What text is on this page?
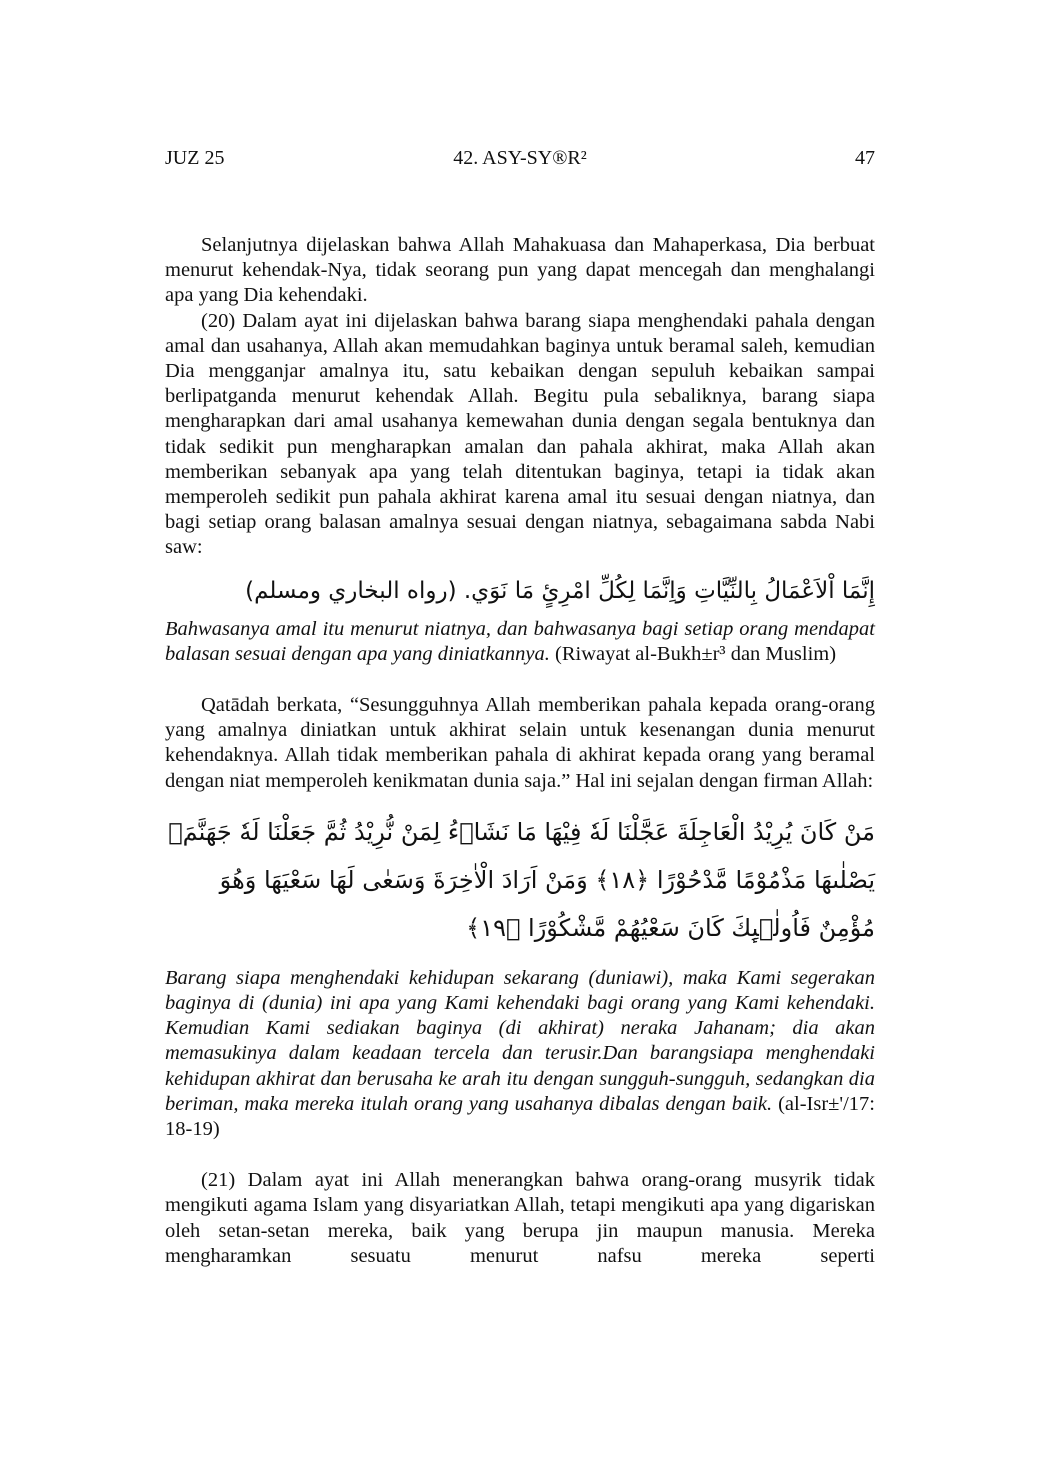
JUZ 25	42. ASY-SY®R²	47

Selanjutnya dijelaskan bahwa Allah Mahakuasa dan Mahaperkasa, Dia berbuat menurut kehendak-Nya, tidak seorang pun yang dapat mencegah dan menghalangi apa yang Dia kehendaki.

(20) Dalam ayat ini dijelaskan bahwa barang siapa menghendaki pahala dengan amal dan usahanya, Allah akan memudahkan baginya untuk beramal saleh, kemudian Dia mengganjar amalnya itu, satu kebaikan dengan sepuluh kebaikan sampai berlipatganda menurut kehendak Allah. Begitu pula sebaliknya, barang siapa mengharapkan dari amal usahanya kemewahan dunia dengan segala bentuknya dan tidak sedikit pun mengharapkan amalan dan pahala akhirat, maka Allah akan memberikan sebanyak apa yang telah ditentukan baginya, tetapi ia tidak akan memperoleh sedikit pun pahala akhirat karena amal itu sesuai dengan niatnya, dan bagi setiap orang balasan amalnya sesuai dengan niatnya, sebagaimana sabda Nabi saw:

إِنَّمَا اْلاَعْمَالُ بِالنِّيَّاتِ وَاِنَّمَا لِكُلِّ امْرِئٍ مَا نَوَي. (رواه البخاري ومسلم)
Bahwasanya amal itu menurut niatnya, dan bahwasanya bagi setiap orang mendapat balasan sesuai dengan apa yang diniatkannya. (Riwayat al-Bukh±r³ dan Muslim)

Qatādah berkata, “Sesungguhnya Allah memberikan pahala kepada orang-orang yang amalnya diniatkan untuk akhirat selain untuk kesenangan dunia menurut kehendaknya. Allah tidak memberikan pahala di akhirat kepada orang yang beramal dengan niat memperoleh kenikmatan dunia saja.” Hal ini sejalan dengan firman Allah:

مَنْ كَانَ يُرِيْدُ الْعَاجِلَةَ عَجَّلْنَا لَهٗ فِيْهَا مَا نَشَاۤءُ لِمَنْ نُّرِيْدُ ثُمَّ جَعَلْنَا لَهٗ جَهَنَّمَۚ
يَصْلٰىهَا مَذْمُوْمًا مَّدْحُوْرًا ﴿١٨﴾ وَمَنْ اَرَادَ الْاٰخِرَةَ وَسَعٰى لَهَا سَعْيَهَا وَهُوَ
مُؤْمِنٌ فَاُولٰۤىِٕكَ كَانَ سَعْيُهُمْ مَّشْكُوْرًا ﴿١٩﴾
Barang siapa menghendaki kehidupan sekarang (duniawi), maka Kami segerakan baginya di (dunia) ini apa yang Kami kehendaki bagi orang yang Kami kehendaki. Kemudian Kami sediakan baginya (di akhirat) neraka Jahanam; dia akan memasukinya dalam keadaan tercela dan terusir.Dan barangsiapa menghendaki kehidupan akhirat dan berusaha ke arah itu dengan sungguh-sungguh, sedangkan dia beriman, maka mereka itulah orang yang usahanya dibalas dengan baik. (al-Isr±'/17: 18-19)

(21) Dalam ayat ini Allah menerangkan bahwa orang-orang musyrik tidak mengikuti agama Islam yang disyariatkan Allah, tetapi mengikuti apa yang digariskan oleh setan-setan mereka, baik yang berupa jin maupun manusia. Mereka mengharamkan sesuatu menurut nafsu mereka seperti
